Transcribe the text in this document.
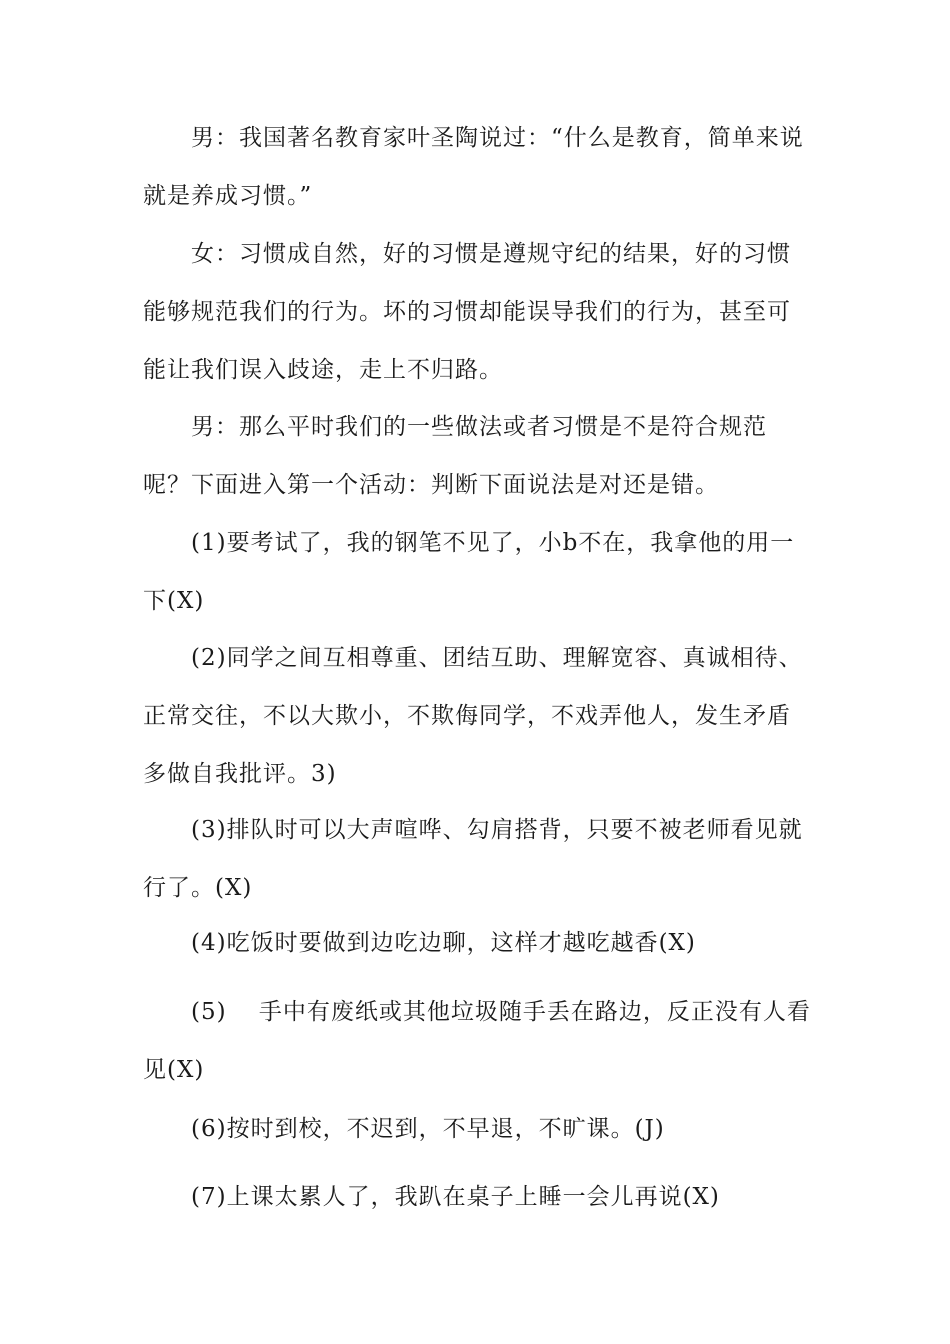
男：我国著名教育家叶圣陶说过：“什么是教育，简单来说就是养成习惯。”

女：习惯成自然，好的习惯是遵规守纪的结果，好的习惯能够规范我们的行为。坏的习惯却能误导我们的行为，甚至可能让我们误入歧途，走上不归路。

男：那么平时我们的一些做法或者习惯是不是符合规范呢？下面进入第一个活动：判断下面说法是对还是错。

(1)要考试了，我的钢笔不见了，小b不在，我拿他的用一下(X)

(2)同学之间互相尊重、团结互助、理解宽容、真诚相待、正常交往，不以大欺小，不欺侮同学，不戏弄他人，发生矛盾多做自我批评。3)

(3)排队时可以大声喧哗、勾肩搭背，只要不被老师看见就行了。(X)

(4)吃饭时要做到边吃边聊，这样才越吃越香(X)

(5)　 手中有废纸或其他垃圾随手丢在路边，反正没有人看见(X)

(6)按时到校，不迟到，不早退，不旷课。(J)

(7)上课太累人了，我趴在桌子上睡一会儿再说(X)
